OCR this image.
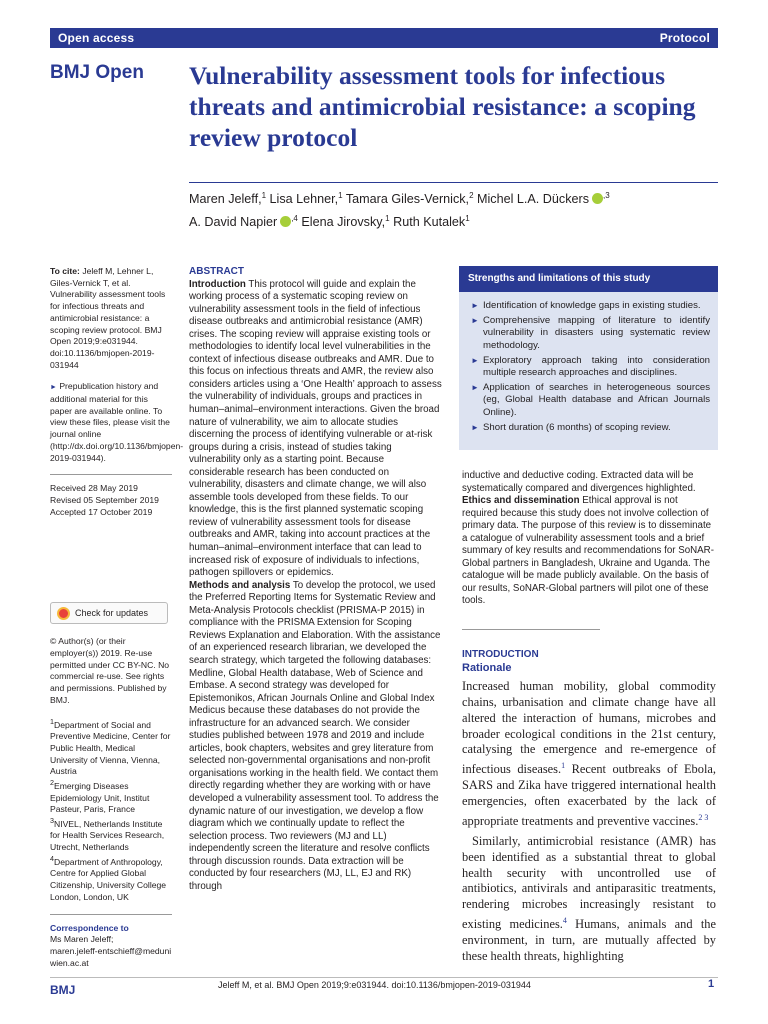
Open access	Protocol
BMJ Open Vulnerability assessment tools for infectious threats and antimicrobial resistance: a scoping review protocol
Maren Jeleff,$^1$ Lisa Lehner,$^1$ Tamara Giles-Vernick,$^2$ Michel L.A. Dückers $^{,3}$
A. David Napier $^{,4}$ Elena Jirovsky,$^1$ Ruth Kutalek$^1$

To cite: Jeleff M, Lehner L, Giles-Vernick T, et al. Vulnerability assessment tools for infectious threats and antimicrobial resistance: a scoping review protocol. BMJ Open 2019;9:e031944. doi:10.1136/bmjopen-2019-031944

► Prepublication history and additional material for this paper are available online. To view these files, please visit the journal online (http://dx.doi.org/10.1136/bmjopen-2019-031944).

Received 28 May 2019
Revised 05 September 2019
Accepted 17 October 2019
Check for updates

© Author(s) (or their employer(s)) 2019. Re-use permitted under CC BY-NC. No commercial re-use. See rights and permissions. Published by BMJ.

$^1$Department of Social and Preventive Medicine, Center for Public Health, Medical University of Vienna, Vienna, Austria
$^2$Emerging Diseases Epidemiology Unit, Institut Pasteur, Paris, France
$^3$NIVEL, Netherlands Institute for Health Services Research, Utrecht, Netherlands
$^4$Department of Anthropology, Centre for Applied Global Citizenship, University College London, London, UK

Correspondence to
Ms Maren Jeleff;
maren.jeleff-entschieff@meduniwien.ac.at
ABSTRACT

Introduction This protocol will guide and explain the working process of a systematic scoping review on vulnerability assessment tools in the field of infectious disease outbreaks and antimicrobial resistance (AMR) crises. The scoping review will appraise existing tools or methodologies to identify local level vulnerabilities in the context of infectious disease outbreaks and AMR. Due to this focus on infectious threats and AMR, the review also considers articles using a ‘One Health’ approach to assess the vulnerability of individuals, groups and practices in human–animal–environment interactions. Given the broad nature of vulnerability, we aim to allocate studies discerning the process of identifying vulnerable or at-risk groups during a crisis, instead of studies taking vulnerability only as a starting point. Because considerable research has been conducted on vulnerability, disasters and climate change, we will also assemble tools developed from these fields. To our knowledge, this is the first planned systematic scoping review of vulnerability assessment tools for disease outbreaks and AMR, taking into account practices at the human–animal–environment interface that can lead to increased risk of exposure of individuals to infections, pathogen spillovers or epidemics.

Methods and analysis To develop the protocol, we used the Preferred Reporting Items for Systematic Review and Meta-Analysis Protocols checklist (PRISMA-P 2015) in compliance with the PRISMA Extension for Scoping Reviews Explanation and Elaboration. With the assistance of an experienced research librarian, we developed the search strategy, which targeted the following databases: Medline, Global Health database, Web of Science and Embase. A second strategy was developed for Epistemonikos, African Journals Online and Global Index Medicus because these databases do not provide the infrastructure for an advanced search. We consider studies published between 1978 and 2019 and include articles, book chapters, websites and grey literature from selected non-governmental organisations and non-profit organisations working in the health field. We contact them directly regarding whether they are working with or have developed a vulnerability assessment tool. To address the dynamic nature of our investigation, we develop a flow diagram which we continually update to reflect the selection process. Two reviewers (MJ and LL) independently screen the literature and resolve conflicts through discussion rounds. Data extraction will be conducted by four researchers (MJ, LL, EJ and RK) through

Strengths and limitations of this study
► Identification of knowledge gaps in existing studies.
► Comprehensive mapping of literature to identify vulnerability in disasters using systematic review methodology.
► Exploratory approach taking into consideration multiple research approaches and disciplines.
► Application of searches in heterogeneous sources (eg, Global Health database and African Journals Online).
► Short duration (6 months) of scoping review.

inductive and deductive coding. Extracted data will be systematically compared and divergences highlighted.

Ethics and dissemination Ethical approval is not required because this study does not involve collection of primary data. The purpose of this review is to disseminate a catalogue of vulnerability assessment tools and a brief summary of key results and recommendations for SoNAR-Global partners in Bangladesh, Ukraine and Uganda. The catalogue will be made publicly available. On the basis of our results, SoNAR-Global partners will pilot one of these tools.

INTRODUCTION
Rationale

Increased human mobility, global commodity chains, urbanisation and climate change have all altered the interaction of humans, microbes and broader ecological conditions in the 21st century, catalysing the emergence and re-emergence of infectious diseases.$^1$ Recent outbreaks of Ebola, SARS and Zika have triggered international health emergencies, often exacerbated by the lack of appropriate treatments and preventive vaccines.$^{2 3}$

Similarly, antimicrobial resistance (AMR) has been identified as a substantial threat to global health security with uncontrolled use of antibiotics, antivirals and antiparasitic treatments, rendering microbes increasingly resistant to existing medicines.$^4$ Humans, animals and the environment, in turn, are mutually affected by these health threats, highlighting

BMJ	Jeleff M, et al. BMJ Open 2019;9:e031944. doi:10.1136/bmjopen-2019-031944	1
